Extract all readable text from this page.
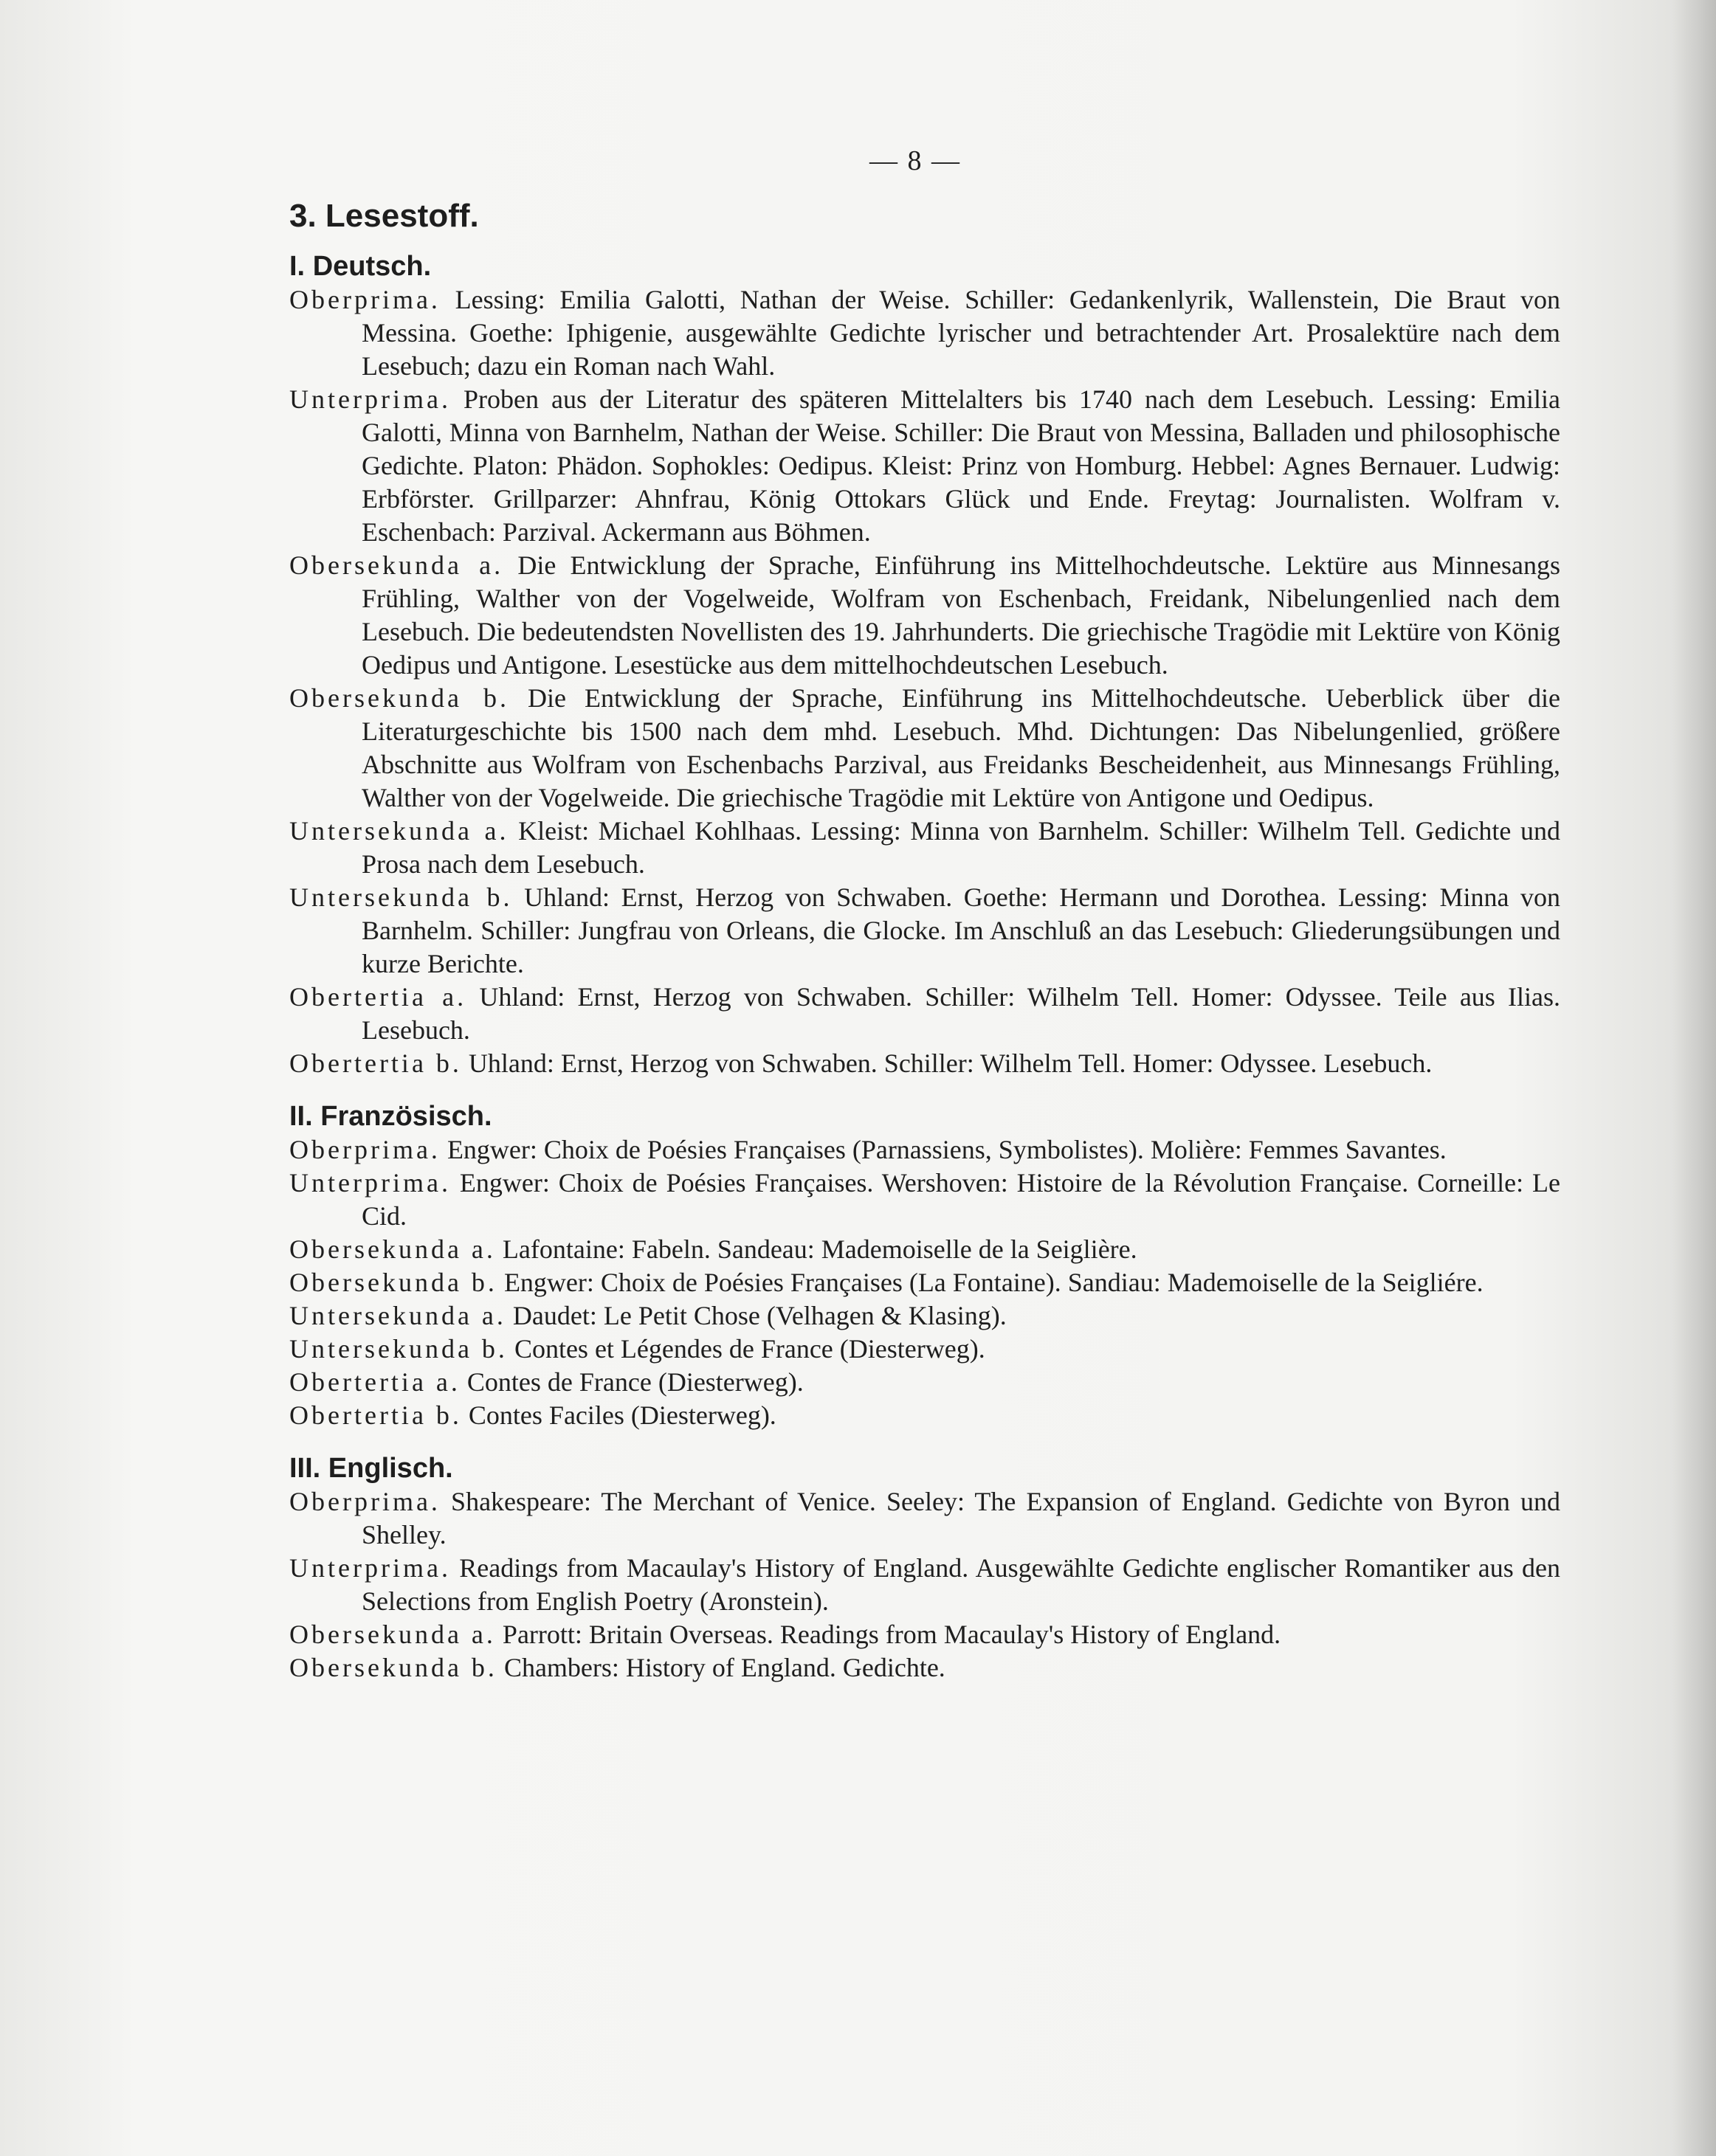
— 8 —
3. Lesestoff.
I. Deutsch.

Oberprima. Lessing: Emilia Galotti, Nathan der Weise. Schiller: Gedankenlyrik, Wallenstein, Die Braut von Messina. Goethe: Iphigenie, ausgewählte Gedichte lyrischer und betrachtender Art. Prosalektüre nach dem Lesebuch; dazu ein Roman nach Wahl.

Unterprima. Proben aus der Literatur des späteren Mittelalters bis 1740 nach dem Lesebuch. Lessing: Emilia Galotti, Minna von Barnhelm, Nathan der Weise. Schiller: Die Braut von Messina, Balladen und philosophische Gedichte. Platon: Phädon. Sophokles: Oedipus. Kleist: Prinz von Homburg. Hebbel: Agnes Bernauer. Ludwig: Erbförster. Grillparzer: Ahnfrau, König Ottokars Glück und Ende. Freytag: Journalisten. Wolfram v. Eschenbach: Parzival. Ackermann aus Böhmen.

Obersekunda a. Die Entwicklung der Sprache, Einführung ins Mittelhochdeutsche. Lektüre aus Minnesangs Frühling, Walther von der Vogelweide, Wolfram von Eschenbach, Freidank, Nibelungenlied nach dem Lesebuch. Die bedeutendsten Novellisten des 19. Jahrhunderts. Die griechische Tragödie mit Lektüre von König Oedipus und Antigone. Lesestücke aus dem mittelhochdeutschen Lesebuch.

Obersekunda b. Die Entwicklung der Sprache, Einführung ins Mittelhochdeutsche. Ueberblick über die Literaturgeschichte bis 1500 nach dem mhd. Lesebuch. Mhd. Dichtungen: Das Nibelungenlied, größere Abschnitte aus Wolfram von Eschenbachs Parzival, aus Freidanks Bescheidenheit, aus Minnesangs Frühling, Walther von der Vogelweide. Die griechische Tragödie mit Lektüre von Antigone und Oedipus.

Untersekunda a. Kleist: Michael Kohlhaas. Lessing: Minna von Barnhelm. Schiller: Wilhelm Tell. Gedichte und Prosa nach dem Lesebuch.

Untersekunda b. Uhland: Ernst, Herzog von Schwaben. Goethe: Hermann und Dorothea. Lessing: Minna von Barnhelm. Schiller: Jungfrau von Orleans, die Glocke. Im Anschluß an das Lesebuch: Gliederungsübungen und kurze Berichte.

Obertertia a. Uhland: Ernst, Herzog von Schwaben. Schiller: Wilhelm Tell. Homer: Odyssee. Teile aus Ilias. Lesebuch.

Obertertia b. Uhland: Ernst, Herzog von Schwaben. Schiller: Wilhelm Tell. Homer: Odyssee. Lesebuch.

II. Französisch.

Oberprima. Engwer: Choix de Poésies Françaises (Parnassiens, Symbolistes). Molière: Femmes Savantes.

Unterprima. Engwer: Choix de Poésies Françaises. Wershoven: Histoire de la Révolution Française. Corneille: Le Cid.

Obersekunda a. Lafontaine: Fabeln. Sandeau: Mademoiselle de la Seiglière.

Obersekunda b. Engwer: Choix de Poésies Françaises (La Fontaine). Sandiau: Mademoiselle de la Seigliére.

Untersekunda a. Daudet: Le Petit Chose (Velhagen & Klasing).

Untersekunda b. Contes et Légendes de France (Diesterweg).

Obertertia a. Contes de France (Diesterweg).

Obertertia b. Contes Faciles (Diesterweg).

III. Englisch.

Oberprima. Shakespeare: The Merchant of Venice. Seeley: The Expansion of England. Gedichte von Byron und Shelley.

Unterprima. Readings from Macaulay's History of England. Ausgewählte Gedichte englischer Romantiker aus den Selections from English Poetry (Aronstein).

Obersekunda a. Parrott: Britain Overseas. Readings from Macaulay's History of England.

Obersekunda b. Chambers: History of England. Gedichte.
